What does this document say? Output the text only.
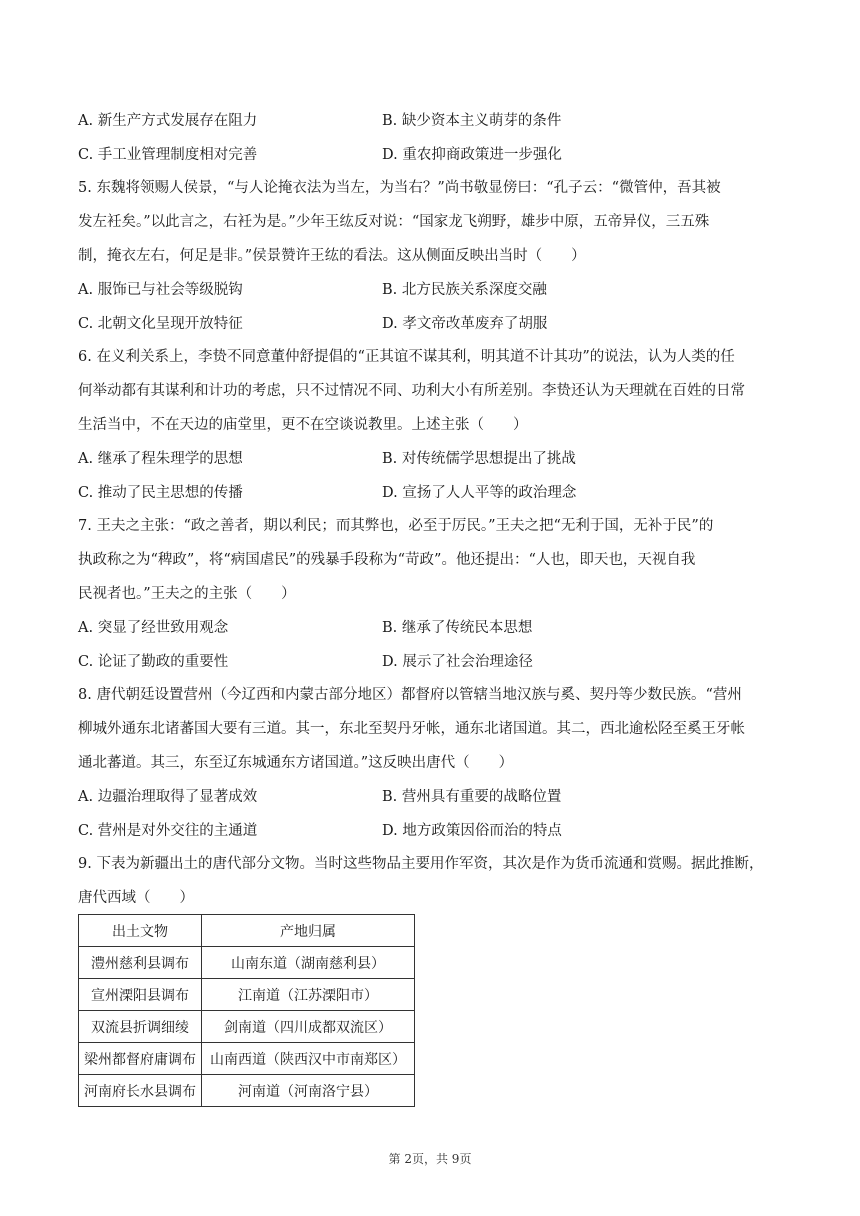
A. 新生产方式发展存在阻力	B. 缺少资本主义萌芽的条件
C. 手工业管理制度相对完善	D. 重农抑商政策进一步强化
5. 东魏将领赐人侯景，“与人论掩衣法为当左，为当右？”尚书敬显傍曰：“孔子云：“微管仲，吾其被
发左衽矣。”以此言之，右衽为是。”少年王纮反对说：“国家龙飞朔野，雄步中原，五帝异仪，三五殊
制，掩衣左右，何足是非。”侯景赞许王纮的看法。这从侧面反映出当时（　　）
A. 服饰已与社会等级脱钩	B. 北方民族关系深度交融
C. 北朝文化呈现开放特征	D. 孝文帝改革废弃了胡服
6. 在义利关系上，李贽不同意董仲舒提倡的“正其谊不谋其利，明其道不计其功”的说法，认为人类的任
何举动都有其谋利和计功的考虑，只不过情况不同、功利大小有所差别。李贽还认为天理就在百姓的日常
生活当中，不在天边的庙堂里，更不在空谈说教里。上述主张（　　）
A. 继承了程朱理学的思想	B. 对传统儒学思想提出了挑战
C. 推动了民主思想的传播	D. 宣扬了人人平等的政治理念
7. 王夫之主张：“政之善者，期以利民；而其弊也，必至于厉民。”王夫之把“无利于国，无补于民”的
执政称之为“稗政”，将“病国虐民”的残暴手段称为“苛政”。他还提出：“人也，即天也，天视自我
民视者也。”王夫之的主张（　　）
A. 突显了经世致用观念	B. 继承了传统民本思想
C. 论证了勤政的重要性	D. 展示了社会治理途径
8. 唐代朝廷设置营州（今辽西和内蒙古部分地区）都督府以管辖当地汉族与奚、契丹等少数民族。“营州
柳城外通东北诸蕃国大要有三道。其一，东北至契丹牙帐，通东北诸国道。其二，西北逾松陉至奚王牙帐
通北蕃道。其三，东至辽东城通东方诸国道。”这反映出唐代（　　）
A. 边疆治理取得了显著成效	B. 营州具有重要的战略位置
C. 营州是对外交往的主通道	D. 地方政策因俗而治的特点
9. 下表为新疆出土的唐代部分文物。当时这些物品主要用作军资，其次是作为货币流通和赏赐。据此推断，
唐代西域（　　）
出土文物	产地归属
澧州慈利县调布	山南东道（湖南慈利县）
宣州溧阳县调布	江南道（江苏溧阳市）
双流县折调细绫	剑南道（四川成都双流区）
梁州都督府庸调布	山南西道（陕西汉中市南郑区）
河南府长水县调布	河南道（河南洛宁县）
第 2页，共 9页
